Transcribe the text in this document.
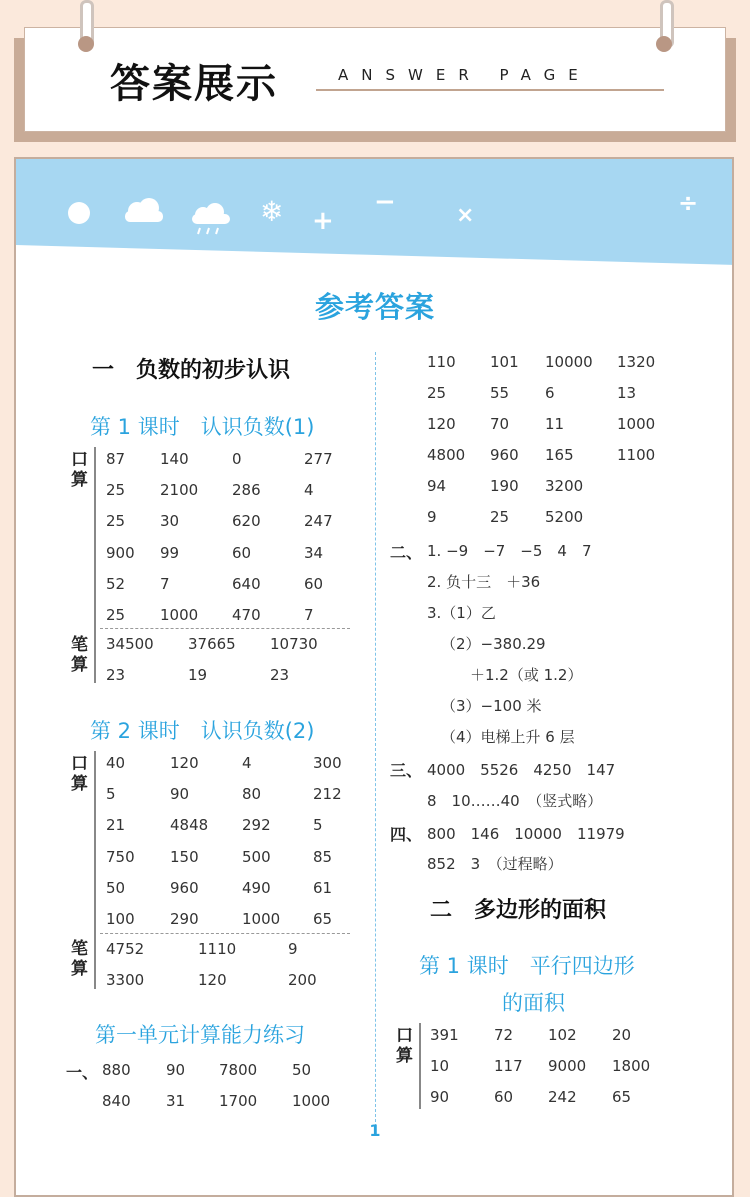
答案展示	ANSWER PAGE
❄ +
−	×	÷
参考答案
一　负数的初步认识
第 1 课时　认识负数(1)
口算
笔算
87 140	0	277
25 2100 286	4
25 30	620	247
900 99	60	34
52 7	640	60
25 1000 470	7
34500 37665 10730
23	19	23
第 2 课时　认识负数(2)
口算
笔算
40	120	4	300
5	90	80	212
21	4848 292	5
750 150	500	85
50	960	490	61
100 290	1000 65
4752	1110	9
3300	120	200
第一单元计算能力练习
一、 880 90 7800 50
840 31 1700 1000
110 101 10000 1320
25	55 6	13
120 70 11	1000
4800 960 165	1100
94	190 3200
9	25 5200
二、 1. −9　−7　−5　4　7
2. 负十三　＋36
3.（1）乙
（2）−380.29
＋1.2（或 1.2）
（3）−100 米
（4）电梯上升 6 层
三、 4000　5526　4250　147
8　10……40　（竖式略）
四、 800　146　10000　11979
852　3　（过程略）
二　多边形的面积
第 1 课时　平行四边形
的面积
口算
391 72 102 20
10	117 9000 1800
90	60 242 65
1
